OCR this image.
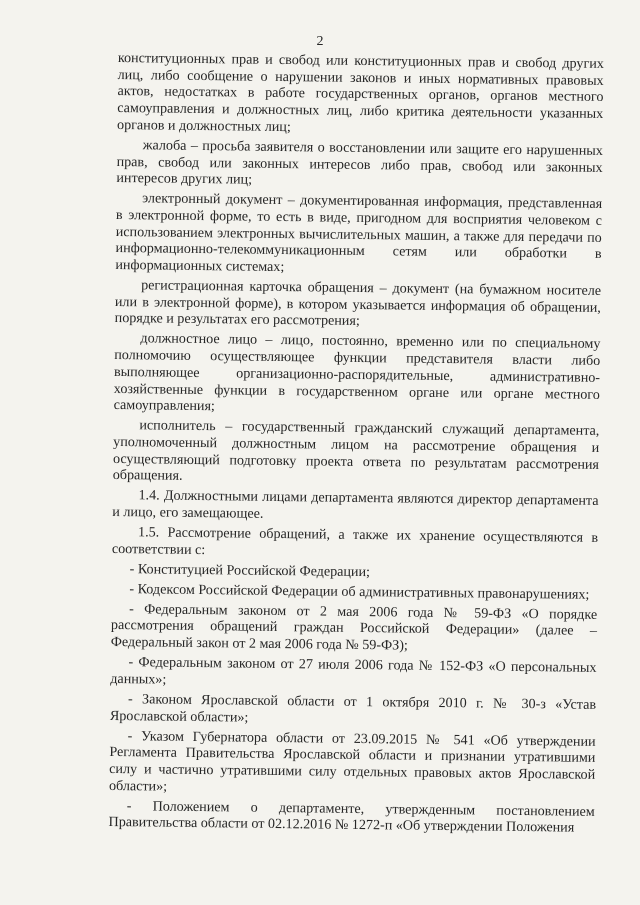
2

конституционных прав и свобод или конституционных прав и свобод других лиц, либо сообщение о нарушении законов и иных нормативных правовых актов, недостатках в работе государственных органов, органов местного самоуправления и должностных лиц, либо критика деятельности указанных органов и должностных лиц;

жалоба – просьба заявителя о восстановлении или защите его нарушенных прав, свобод или законных интересов либо прав, свобод или законных интересов других лиц;

электронный документ – документированная информация, представленная в электронной форме, то есть в виде, пригодном для восприятия человеком с использованием электронных вычислительных машин, а также для передачи по информационно-телекоммуникационным сетям или обработки в информационных системах;

регистрационная карточка обращения – документ (на бумажном носителе или в электронной форме), в котором указывается информация об обращении, порядке и результатах его рассмотрения;

должностное лицо – лицо, постоянно, временно или по специальному полномочию осуществляющее функции представителя власти либо выполняющее организационно-распорядительные, административно-хозяйственные функции в государственном органе или органе местного самоуправления;

исполнитель – государственный гражданский служащий департамента, уполномоченный должностным лицом на рассмотрение обращения и осуществляющий подготовку проекта ответа по результатам рассмотрения обращения.

1.4. Должностными лицами департамента являются директор департамента и лицо, его замещающее.

1.5. Рассмотрение обращений, а также их хранение осуществляются в соответствии с:

- Конституцией Российской Федерации;

- Кодексом Российской Федерации об административных правонарушениях;

- Федеральным законом от 2 мая 2006 года № 59-ФЗ «О порядке рассмотрения обращений граждан Российской Федерации» (далее – Федеральный закон от 2 мая 2006 года № 59-ФЗ);

- Федеральным законом от 27 июля 2006 года № 152-ФЗ «О персональных данных»;

- Законом Ярославской области от 1 октября 2010 г. № 30-з «Устав Ярославской области»;

- Указом Губернатора области от 23.09.2015 № 541 «Об утверждении Регламента Правительства Ярославской области и признании утратившими силу и частично утратившими силу отдельных правовых актов Ярославской области»;

- Положением о департаменте, утвержденным постановлением Правительства области от 02.12.2016 № 1272-п «Об утверждении Положения
